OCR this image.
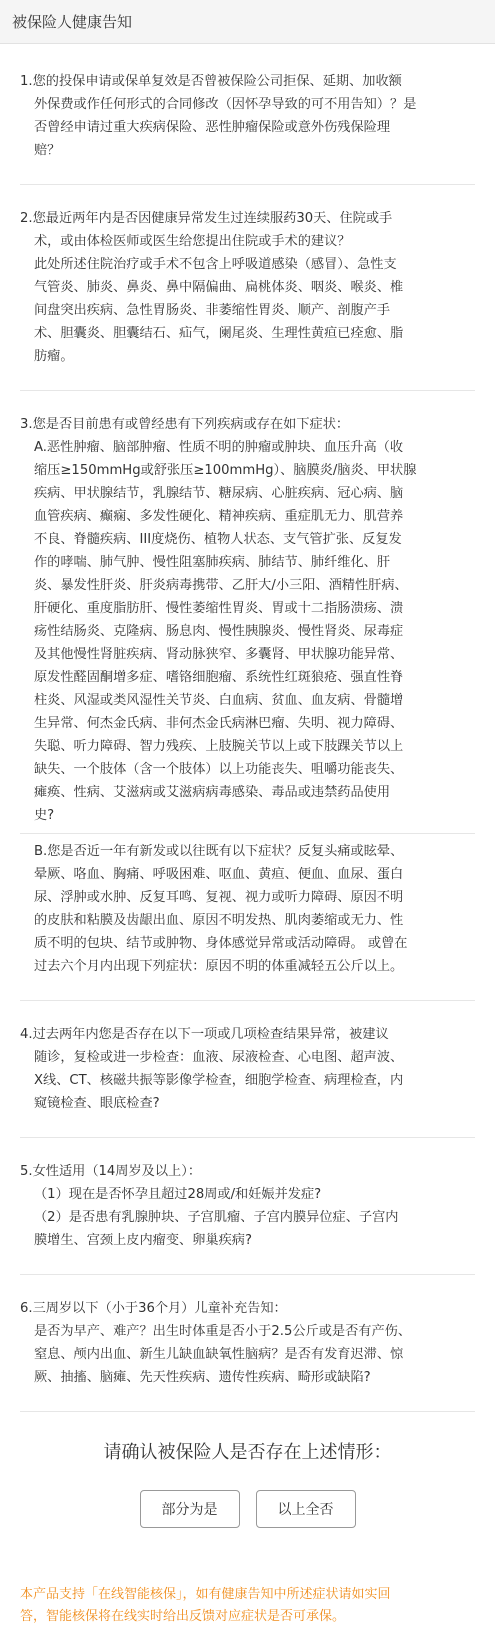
被保险人健康告知
1.您的投保申请或保单复效是否曾被保险公司拒保、延期、加收额
外保费或作任何形式的合同修改（因怀孕导致的可不用告知）？是
否曾经申请过重大疾病保险、恶性肿瘤保险或意外伤残保险理
赔？
2.您最近两年内是否因健康异常发生过连续服药30天、住院或手
术，或由体检医师或医生给您提出住院或手术的建议？
此处所述住院治疗或手术不包含上呼吸道感染（感冒）、急性支
气管炎、肺炎、鼻炎、鼻中隔偏曲、扁桃体炎、咽炎、喉炎、椎
间盘突出疾病、急性胃肠炎、非萎缩性胃炎、顺产、剖腹产手
术、胆囊炎、胆囊结石、疝气，阑尾炎、生理性黄疸已痊愈、脂
肪瘤。
3.您是否目前患有或曾经患有下列疾病或存在如下症状：
A.恶性肿瘤、脑部肿瘤、性质不明的肿瘤或肿块、血压升高（收
缩压≥150mmHg或舒张压≥100mmHg）、脑膜炎/脑炎、甲状腺
疾病、甲状腺结节，乳腺结节、糖尿病、心脏疾病、冠心病、脑
血管疾病、癫痫、多发性硬化、精神疾病、重症肌无力、肌营养
不良、脊髓疾病、III度烧伤、植物人状态、支气管扩张、反复发
作的哮喘、肺气肿、慢性阻塞肺疾病、肺结节、肺纤维化、肝
炎、暴发性肝炎、肝炎病毒携带、乙肝大/小三阳、酒精性肝病、
肝硬化、重度脂肪肝、慢性萎缩性胃炎、胃或十二指肠溃疡、溃
疡性结肠炎、克隆病、肠息肉、慢性胰腺炎、慢性肾炎、尿毒症
及其他慢性肾脏疾病、肾动脉狭窄、多囊肾、甲状腺功能异常、
原发性醛固酮增多症、嗜铬细胞瘤、系统性红斑狼疮、强直性脊
柱炎、风湿或类风湿性关节炎、白血病、贫血、血友病、骨髓增
生异常、何杰金氏病、非何杰金氏病淋巴瘤、失明、视力障碍、
失聪、听力障碍、智力残疾、上肢腕关节以上或下肢踝关节以上
缺失、一个肢体（含一个肢体）以上功能丧失、咀嚼功能丧失、
瘫痪、性病、艾滋病或艾滋病病毒感染、毒品或违禁药品使用
史?
B.您是否近一年有新发或以往既有以下症状？反复头痛或眩晕、
晕厥、咯血、胸痛、呼吸困难、呕血、黄疸、便血、血尿、蛋白
尿、浮肿或水肿、反复耳鸣、复视、视力或听力障碍、原因不明
的皮肤和粘膜及齿龈出血、原因不明发热、肌肉萎缩或无力、性
质不明的包块、结节或肿物、身体感觉异常或活动障碍。 或曾在
过去六个月内出现下列症状：原因不明的体重减轻五公斤以上。
4.过去两年内您是否存在以下一项或几项检查结果异常，被建议
随诊，复检或进一步检查：血液、尿液检查、心电图、超声波、
X线、CT、核磁共振等影像学检查，细胞学检查、病理检查，内
窥镜检查、眼底检查?
5.女性适用（14周岁及以上）：
（1）现在是否怀孕且超过28周或/和妊娠并发症?
（2）是否患有乳腺肿块、子宫肌瘤、子宫内膜异位症、子宫内
膜增生、宫颈上皮内瘤变、卵巢疾病?
6.三周岁以下（小于36个月）儿童补充告知：
是否为早产、难产？出生时体重是否小于2.5公斤或是否有产伤、
窒息、颅内出血、新生儿缺血缺氧性脑病？是否有发育迟滞、惊
厥、抽搐、脑瘫、先天性疾病、遗传性疾病、畸形或缺陷?
请确认被保险人是否存在上述情形：
部分为是	以上全否
本产品支持「在线智能核保」，如有健康告知中所述症状请如实回
答，智能核保将在线实时给出反馈对应症状是否可承保。
